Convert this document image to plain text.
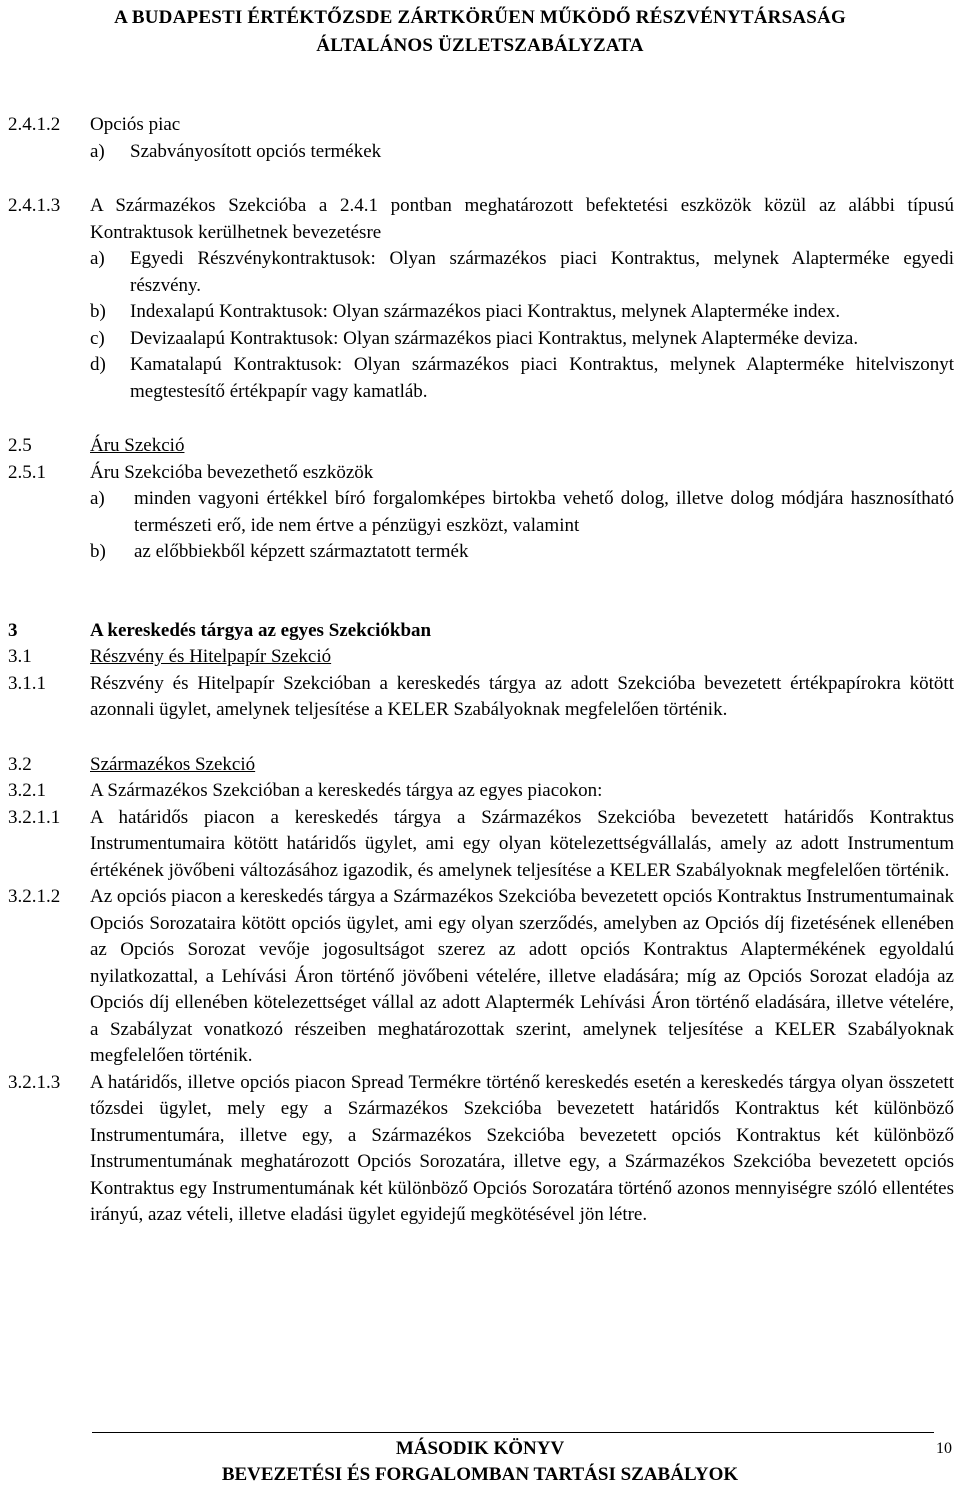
A BUDAPESTI ÉRTÉKTŐZSDE ZÁRTKÖRŰEN MŰKÖDŐ RÉSZVÉNYTÁRSASÁG
ÁLTALÁNOS ÜZLETSZABÁLYZATA
2.4.1.2	Opciós piac
a)	Szabványosított opciós termékek
2.4.1.3	A Származékos Szekcióba a 2.4.1 pontban meghatározott befektetési eszközök közül az alábbi típusú Kontraktusok kerülhetnek bevezetésre
a)	Egyedi Részvénykontraktusok: Olyan származékos piaci Kontraktus, melynek Alapterméke egyedi részvény.
b)	Indexalapú Kontraktusok: Olyan származékos piaci Kontraktus, melynek Alapterméke index.
c)	Devizaalapú Kontraktusok: Olyan származékos piaci Kontraktus, melynek Alapterméke deviza.
d)	Kamatalapú Kontraktusok: Olyan származékos piaci Kontraktus, melynek Alapterméke hitelviszonyt megtestesítő értékpapír vagy kamatláb.
2.5	Áru Szekció
2.5.1	Áru Szekcióba bevezethető eszközök
a)	minden vagyoni értékkel bíró forgalomképes birtokba vehető dolog, illetve dolog módjára hasznosítható természeti erő, ide nem értve a pénzügyi eszközt, valamint
b)	az előbbiekből képzett származtatott termék
3	A kereskedés tárgya az egyes Szekciókban
3.1	Részvény és Hitelpapír Szekció
3.1.1	Részvény és Hitelpapír Szekcióban a kereskedés tárgya az adott Szekcióba bevezetett értékpapírokra kötött azonnali ügylet, amelynek teljesítése a KELER Szabályoknak megfelelően történik.
3.2	Származékos Szekció
3.2.1	A Származékos Szekcióban a kereskedés tárgya az egyes piacokon:
3.2.1.1	A határidős piacon a kereskedés tárgya a Származékos Szekcióba bevezetett határidős Kontraktus Instrumentumaira kötött határidős ügylet, ami egy olyan kötelezettségvállalás, amely az adott Instrumentum értékének jövőbeni változásához igazodik, és amelynek teljesítése a KELER Szabályoknak megfelelően történik.
3.2.1.2	Az opciós piacon a kereskedés tárgya a Származékos Szekcióba bevezetett opciós Kontraktus Instrumentumainak Opciós Sorozataira kötött opciós ügylet, ami egy olyan szerződés, amelyben az Opciós díj fizetésének ellenében az Opciós Sorozat vevője jogosultságot szerez az adott opciós Kontraktus Alaptermékének egyoldalú nyilatkozattal, a Lehívási Áron történő jövőbeni vételére, illetve eladására; míg az Opciós Sorozat eladója az Opciós díj ellenében kötelezettséget vállal az adott Alaptermék Lehívási Áron történő eladására, illetve vételére, a Szabályzat vonatkozó részeiben meghatározottak szerint, amelynek teljesítése a KELER Szabályoknak megfelelően történik.
3.2.1.3	A határidős, illetve opciós piacon Spread Termékre történő kereskedés esetén a kereskedés tárgya olyan összetett tőzsdei ügylet, mely egy a Származékos Szekcióba bevezetett határidős Kontraktus két különböző Instrumentumára, illetve egy, a Származékos Szekcióba bevezetett opciós Kontraktus két különböző Instrumentumának meghatározott Opciós Sorozatára, illetve egy, a Származékos Szekcióba bevezetett opciós Kontraktus egy Instrumentumának két különböző Opciós Sorozatára történő azonos mennyiségre szóló ellentétes irányú, azaz vételi, illetve eladási ügylet egyidejű megkötésével jön létre.
MÁSODIK KÖNYV
BEVEZETÉSI ÉS FORGALOMBAN TARTÁSI SZABÁLYOK
10
